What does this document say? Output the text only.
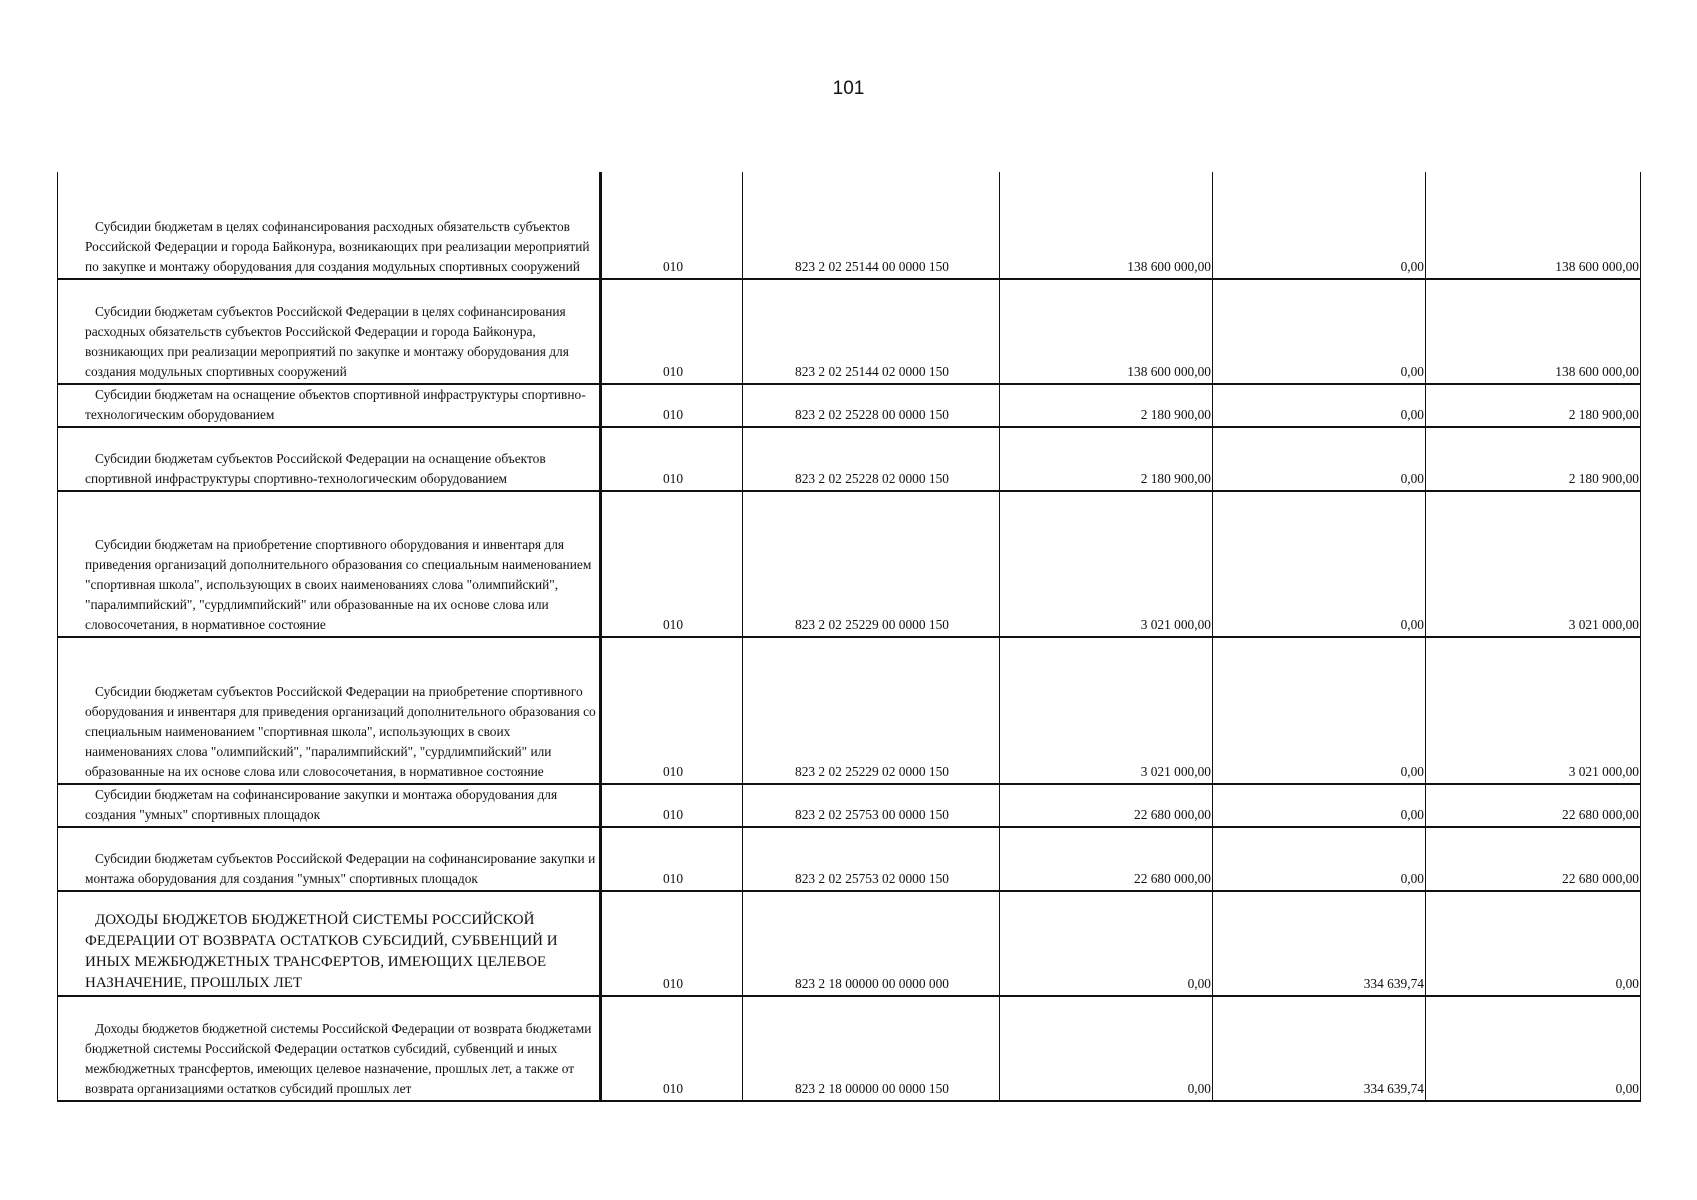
101
Субсидии бюджетам в целях софинансирования расходных обязательств субъектов Российской Федерации и города Байконура, возникающих при реализации мероприятий по закупке и монтажу оборудования для создания модульных спортивных сооружений	010	823 2 02 25144 00 0000 150	138 600 000,00	0,00	138 600 000,00
Субсидии бюджетам субъектов Российской Федерации в целях софинансирования расходных обязательств субъектов Российской Федерации и города Байконура, возникающих при реализации мероприятий по закупке и монтажу оборудования для создания модульных спортивных сооружений	010	823 2 02 25144 02 0000 150	138 600 000,00	0,00	138 600 000,00
Субсидии бюджетам на оснащение объектов спортивной инфраструктуры спортивно-технологическим оборудованием	010	823 2 02 25228 00 0000 150	2 180 900,00	0,00	2 180 900,00
Субсидии бюджетам субъектов Российской Федерации на оснащение объектов спортивной инфраструктуры спортивно-технологическим оборудованием	010	823 2 02 25228 02 0000 150	2 180 900,00	0,00	2 180 900,00
Субсидии бюджетам на приобретение спортивного оборудования и инвентаря для приведения организаций дополнительного образования со специальным наименованием "спортивная школа", использующих в своих наименованиях слова "олимпийский", "паралимпийский", "сурдлимпийский" или образованные на их основе слова или словосочетания, в нормативное состояние	010	823 2 02 25229 00 0000 150	3 021 000,00	0,00	3 021 000,00
Субсидии бюджетам субъектов Российской Федерации на приобретение спортивного оборудования и инвентаря для приведения организаций дополнительного образования со специальным наименованием "спортивная школа", использующих в своих наименованиях слова "олимпийский", "паралимпийский", "сурдлимпийский" или образованные на их основе слова или словосочетания, в нормативное состояние	010	823 2 02 25229 02 0000 150	3 021 000,00	0,00	3 021 000,00
Субсидии бюджетам на софинансирование закупки и монтажа оборудования для создания "умных" спортивных площадок	010	823 2 02 25753 00 0000 150	22 680 000,00	0,00	22 680 000,00
Субсидии бюджетам субъектов Российской Федерации на софинансирование закупки и монтажа оборудования для создания "умных" спортивных площадок	010	823 2 02 25753 02 0000 150	22 680 000,00	0,00	22 680 000,00
ДОХОДЫ БЮДЖЕТОВ БЮДЖЕТНОЙ СИСТЕМЫ РОССИЙСКОЙ ФЕДЕРАЦИИ ОТ ВОЗВРАТА ОСТАТКОВ СУБСИДИЙ, СУБВЕНЦИЙ И ИНЫХ МЕЖБЮДЖЕТНЫХ ТРАНСФЕРТОВ, ИМЕЮЩИХ ЦЕЛЕВОЕ НАЗНАЧЕНИЕ, ПРОШЛЫХ ЛЕТ	010	823 2 18 00000 00 0000 000	0,00	334 639,74	0,00
Доходы бюджетов бюджетной системы Российской Федерации от возврата бюджетами бюджетной системы Российской Федерации остатков субсидий, субвенций и иных межбюджетных трансфертов, имеющих целевое назначение, прошлых лет, а также от возврата организациями остатков субсидий прошлых лет	010	823 2 18 00000 00 0000 150	0,00	334 639,74	0,00
